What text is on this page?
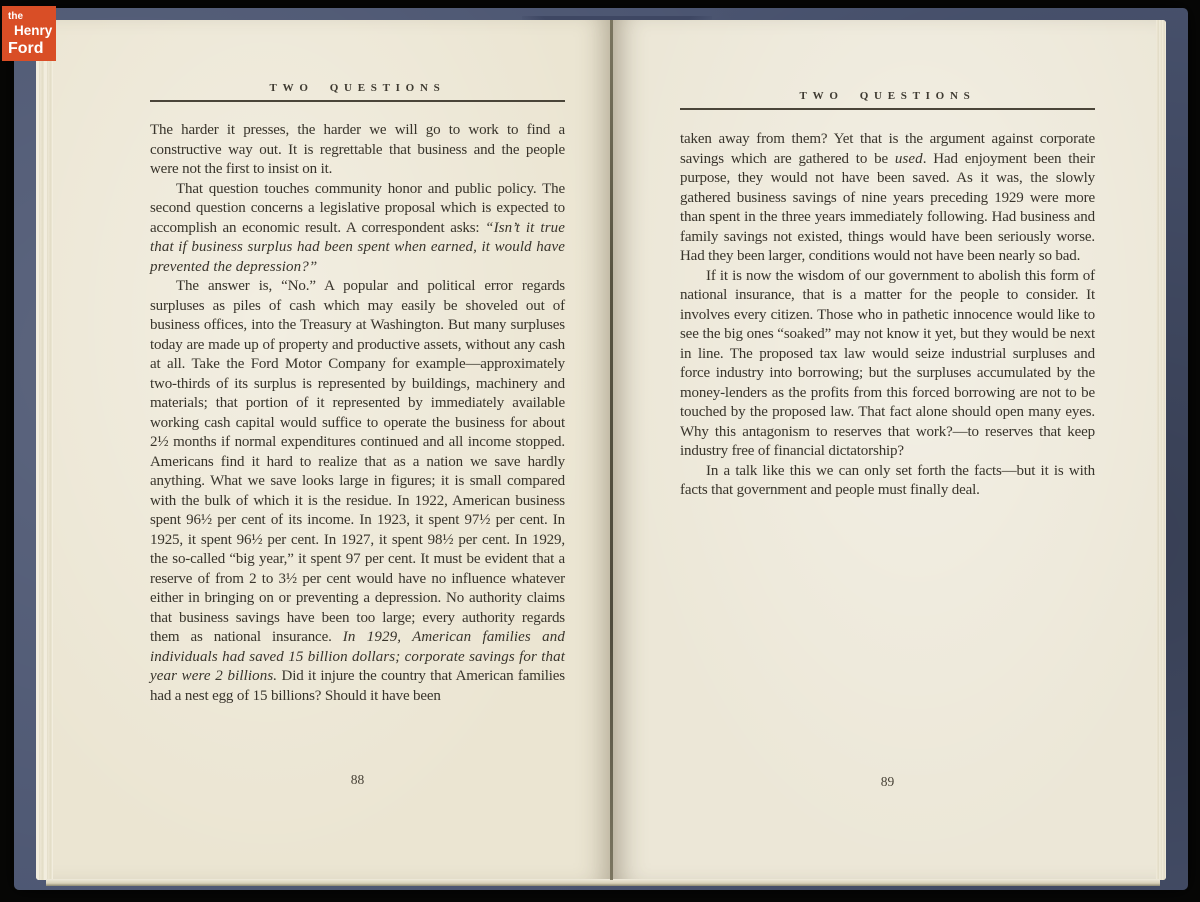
TWO QUESTIONS

The harder it presses, the harder we will go to work to find a constructive way out. It is regrettable that business and the people were not the first to insist on it.

That question touches community honor and public policy. The second question concerns a legislative proposal which is expected to accomplish an economic result. A correspondent asks: “Isn’t it true that if business surplus had been spent when earned, it would have prevented the depression?”

The answer is, “No.” A popular and political error regards surpluses as piles of cash which may easily be shoveled out of business offices, into the Treasury at Washington. But many surpluses today are made up of property and productive assets, without any cash at all. Take the Ford Motor Company for example—approximately two-thirds of its surplus is represented by buildings, machinery and materials; that portion of it represented by immediately available working cash capital would suffice to operate the business for about 2½ months if normal expenditures continued and all income stopped. Americans find it hard to realize that as a nation we save hardly anything. What we save looks large in figures; it is small compared with the bulk of which it is the residue. In 1922, American business spent 96½ per cent of its income. In 1923, it spent 97½ per cent. In 1925, it spent 96½ per cent. In 1927, it spent 98½ per cent. In 1929, the so-called “big year,” it spent 97 per cent. It must be evident that a reserve of from 2 to 3½ per cent would have no influence whatever either in bringing on or preventing a depression. No authority claims that business savings have been too large; every authority regards them as national insurance. In 1929, American families and individuals had saved 15 billion dollars; corporate savings for that year were 2 billions. Did it injure the country that American families had a nest egg of 15 billions? Should it have been

88
TWO QUESTIONS

taken away from them? Yet that is the argument against corporate savings which are gathered to be used. Had enjoyment been their purpose, they would not have been saved. As it was, the slowly gathered business savings of nine years preceding 1929 were more than spent in the three years immediately following. Had business and family savings not existed, things would have been seriously worse. Had they been larger, conditions would not have been nearly so bad.

If it is now the wisdom of our government to abolish this form of national insurance, that is a matter for the people to consider. It involves every citizen. Those who in pathetic innocence would like to see the big ones “soaked” may not know it yet, but they would be next in line. The proposed tax law would seize industrial surpluses and force industry into borrowing; but the surpluses accumulated by the money-lenders as the profits from this forced borrowing are not to be touched by the proposed law. That fact alone should open many eyes. Why this antagonism to reserves that work?—to reserves that keep industry free of financial dictatorship?

In a talk like this we can only set forth the facts—but it is with facts that government and people must finally deal.

89
the
Henry
Ford
